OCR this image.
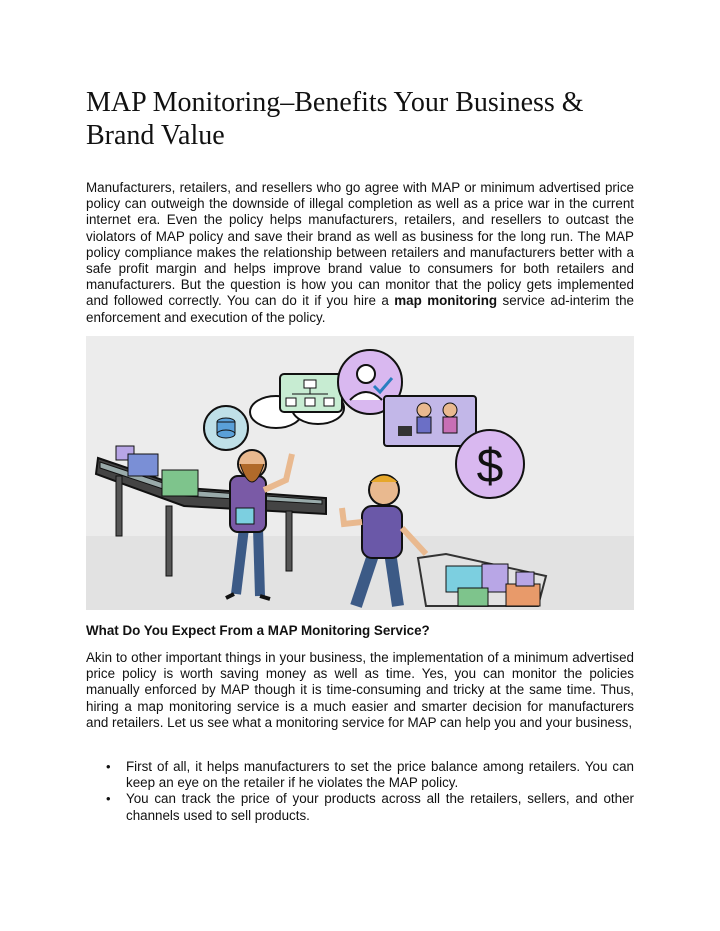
MAP Monitoring–Benefits Your Business & Brand Value

Manufacturers, retailers, and resellers who go agree with MAP or minimum advertised price policy can outweigh the downside of illegal completion as well as a price war in the current internet era. Even the policy helps manufacturers, retailers, and resellers to outcast the violators of MAP policy and save their brand as well as business for the long run. The MAP policy compliance makes the relationship between retailers and manufacturers better with a safe profit margin and helps improve brand value to consumers for both retailers and manufacturers. But the question is how you can monitor that the policy gets implemented and followed correctly. You can do it if you hire a map monitoring service ad-interim the enforcement and execution of the policy.

$
What Do You Expect From a MAP Monitoring Service?

Akin to other important things in your business, the implementation of a minimum advertised price policy is worth saving money as well as time. Yes, you can monitor the policies manually enforced by MAP though it is time-consuming and tricky at the same time. Thus, hiring a map monitoring service is a much easier and smarter decision for manufacturers and retailers. Let us see what a monitoring service for MAP can help you and your business,

• First of all, it helps manufacturers to set the price balance among retailers. You can keep an eye on the retailer if he violates the MAP policy.
• You can track the price of your products across all the retailers, sellers, and other channels used to sell products.
